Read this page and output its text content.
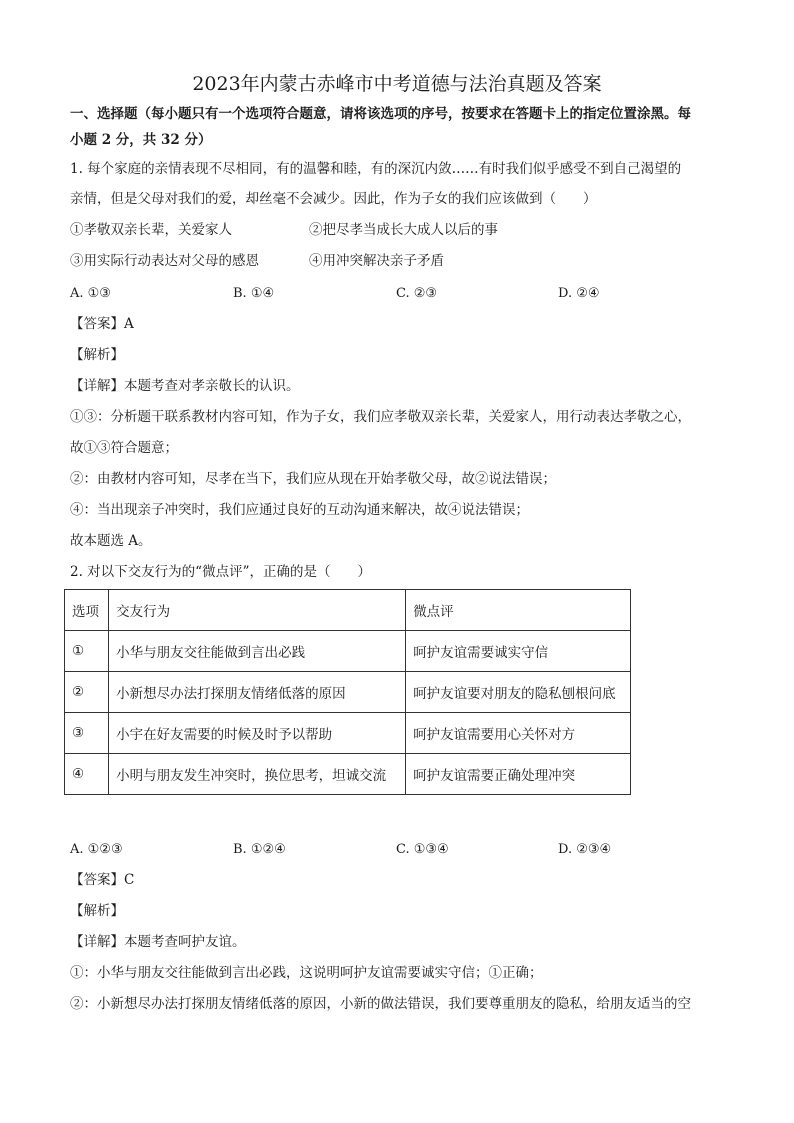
2023年内蒙古赤峰市中考道德与法治真题及答案
一、选择题（每小题只有一个选项符合题意，请将该选项的序号，按要求在答题卡上的指定位置涂黑。每
小题 2 分，共 32 分）
1. 每个家庭的亲情表现不尽相同，有的温馨和睦，有的深沉内敛……有时我们似乎感受不到自己渴望的
亲情，但是父母对我们的爱，却丝毫不会减少。因此，作为子女的我们应该做到（　　）
①孝敬双亲长辈，关爱家人	②把尽孝当成长大成人以后的事
③用实际行动表达对父母的感恩	④用冲突解决亲子矛盾
A. ①③	B. ①④	C. ②③	D. ②④
【答案】A
【解析】
【详解】本题考查对孝亲敬长的认识。
①③：分析题干联系教材内容可知，作为子女，我们应孝敬双亲长辈，关爱家人，用行动表达孝敬之心，
故①③符合题意；
②：由教材内容可知，尽孝在当下，我们应从现在开始孝敬父母，故②说法错误；
④：当出现亲子冲突时，我们应通过良好的互动沟通来解决，故④说法错误；
故本题选 A。
2. 对以下交友行为的“微点评”，正确的是（　　）
选项	交友行为	微点评
①	小华与朋友交往能做到言出必践	呵护友谊需要诚实守信
②	小新想尽办法打探朋友情绪低落的原因	呵护友谊要对朋友的隐私刨根问底
③	小宇在好友需要的时候及时予以帮助	呵护友谊需要用心关怀对方
④	小明与朋友发生冲突时，换位思考，坦诚交流	呵护友谊需要正确处理冲突
A. ①②③	B. ①②④	C. ①③④	D. ②③④
【答案】C
【解析】
【详解】本题考查呵护友谊。
①：小华与朋友交往能做到言出必践，这说明呵护友谊需要诚实守信；①正确；
②：小新想尽办法打探朋友情绪低落的原因，小新的做法错误，我们要尊重朋友的隐私，给朋友适当的空
